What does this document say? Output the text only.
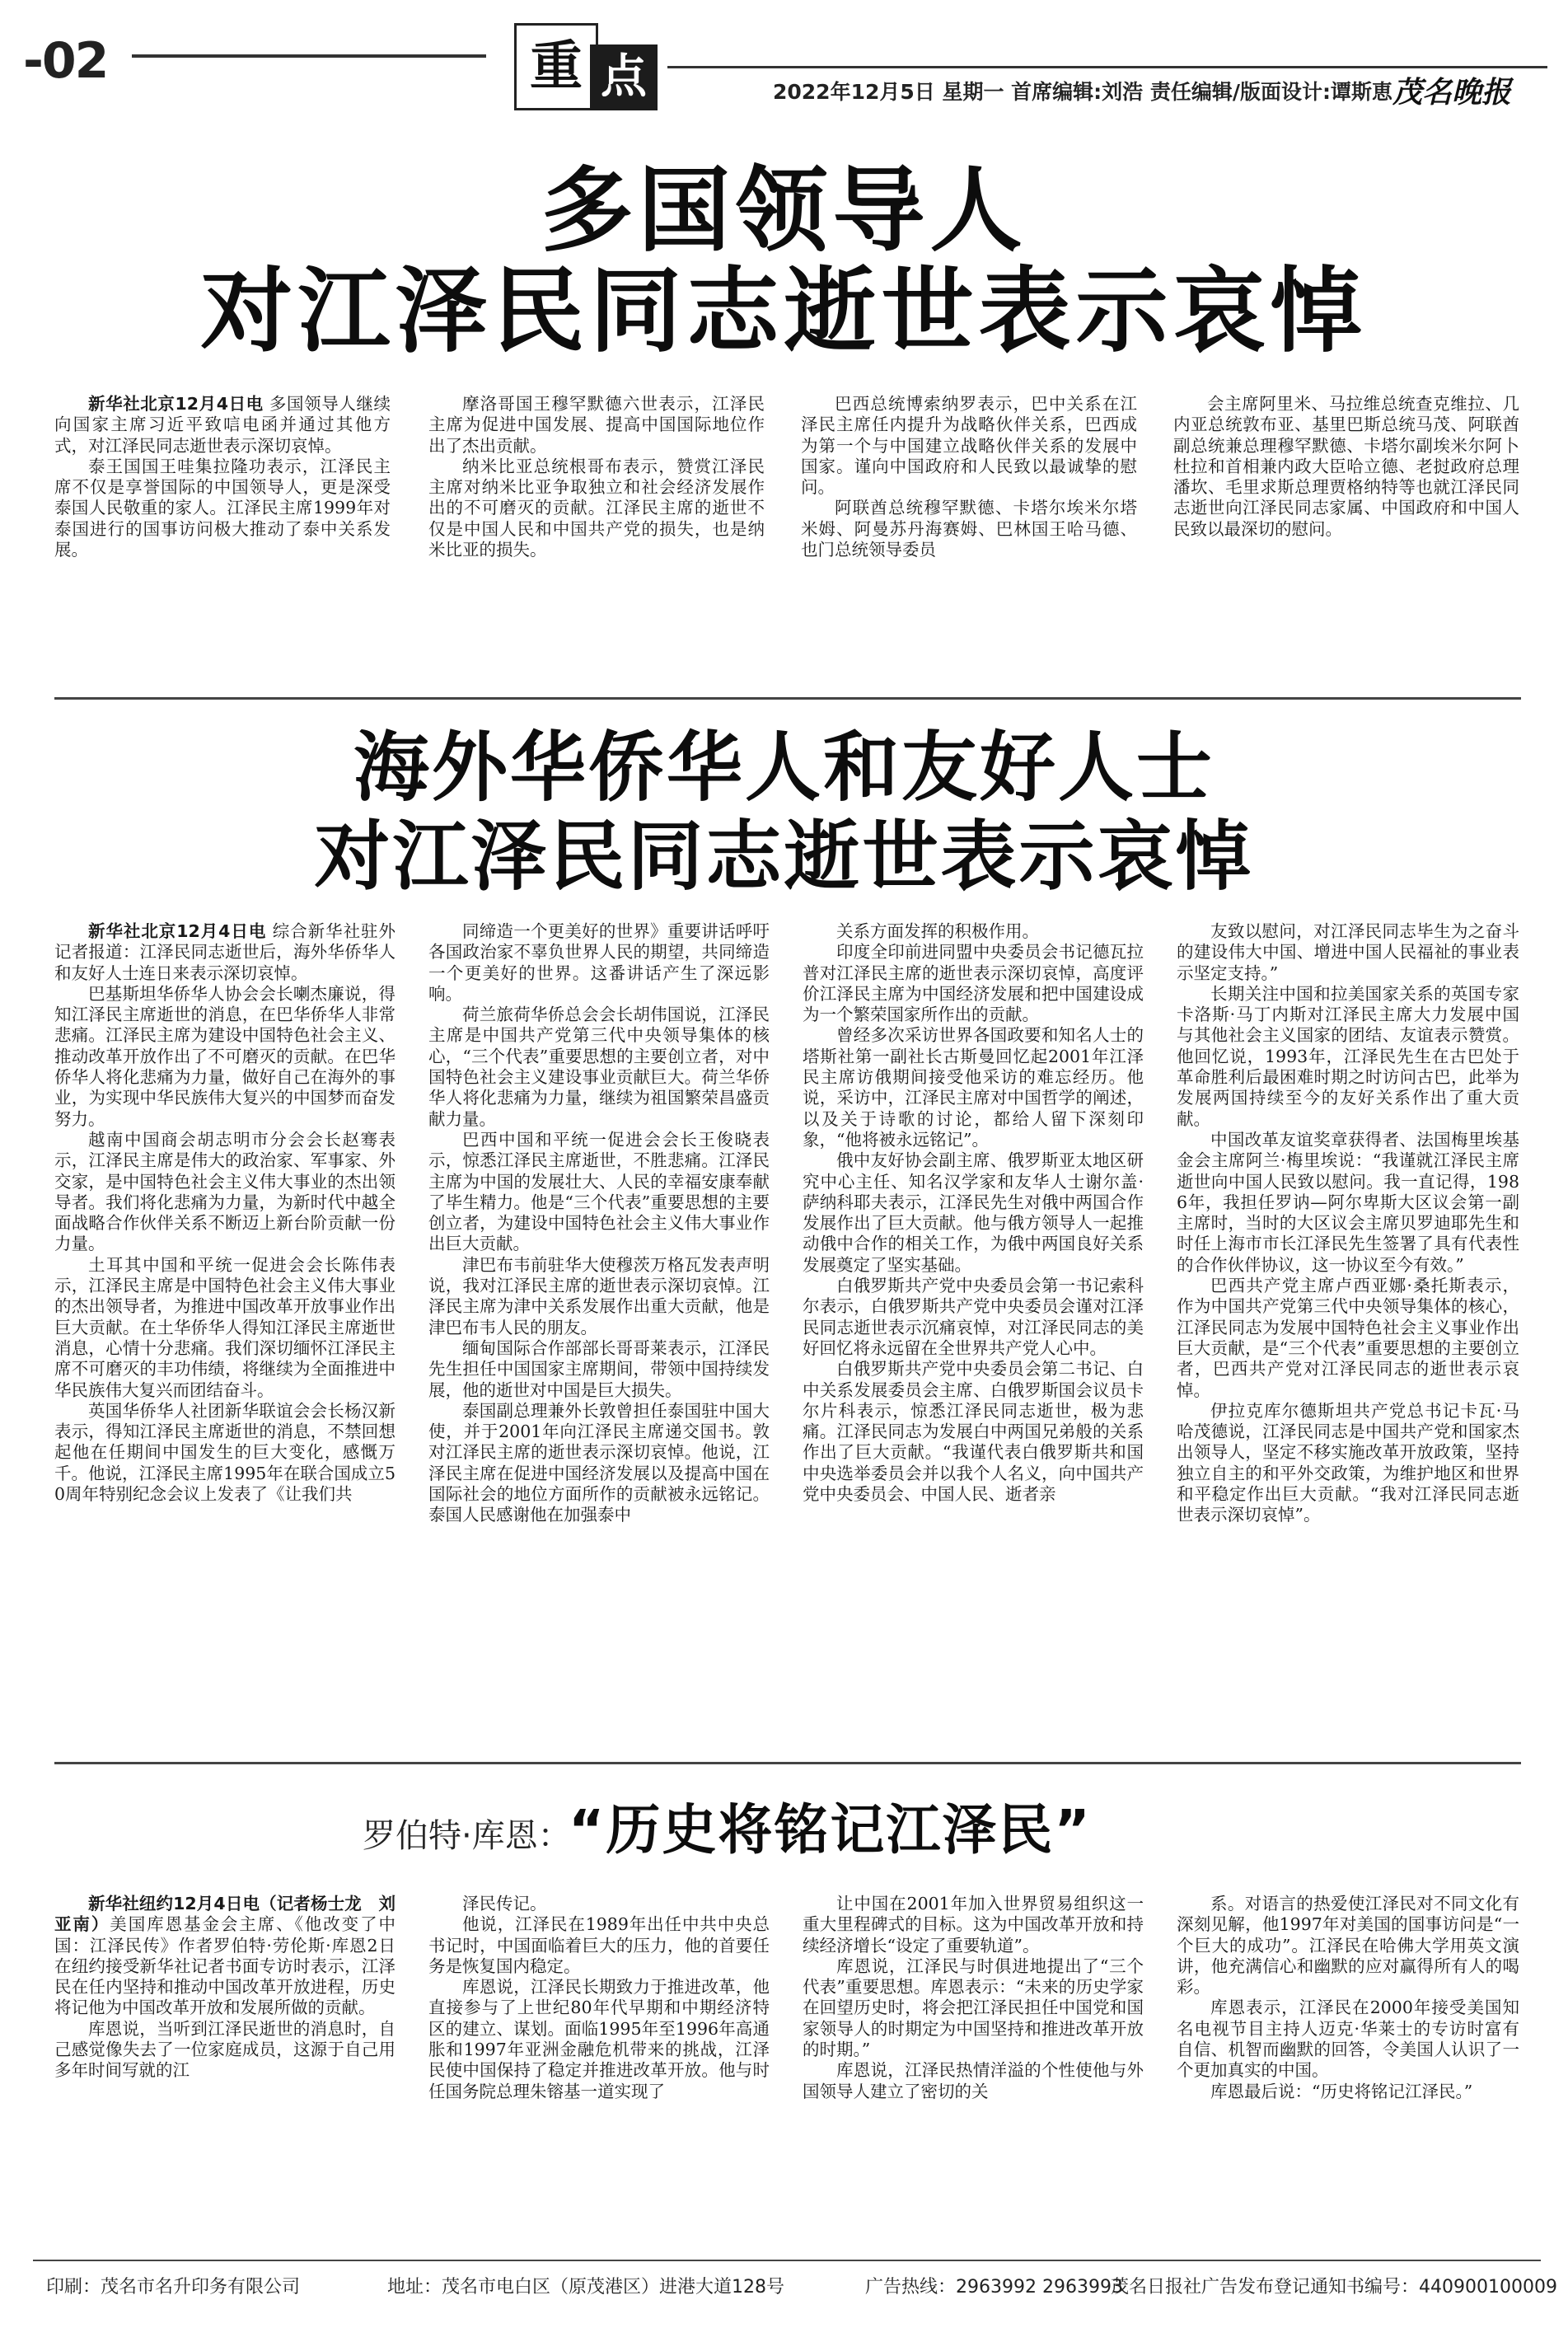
-02	重 点	2022年12月5日 星期一 首席编辑:刘浩 责任编辑/版面设计:谭斯恵 茂名晚报
多国领导人
对江泽民同志逝世表示哀悼

新华社北京12月4日电 多国领导人继续向国家主席习近平致唁电函并通过其他方式，对江泽民同志逝世表示深切哀悼。

泰王国国王哇集拉隆功表示，江泽民主席不仅是享誉国际的中国领导人，更是深受泰国人民敬重的家人。江泽民主席1999年对泰国进行的国事访问极大推动了泰中关系发展。

摩洛哥国王穆罕默德六世表示，江泽民主席为促进中国发展、提高中国国际地位作出了杰出贡献。

纳米比亚总统根哥布表示，赞赏江泽民主席对纳米比亚争取独立和社会经济发展作出的不可磨灭的贡献。江泽民主席的逝世不仅是中国人民和中国共产党的损失，也是纳米比亚的损失。

巴西总统博索纳罗表示，巴中关系在江泽民主席任内提升为战略伙伴关系，巴西成为第一个与中国建立战略伙伴关系的发展中国家。谨向中国政府和人民致以最诚挚的慰问。

阿联酋总统穆罕默德、卡塔尔埃米尔塔米姆、阿曼苏丹海赛姆、巴林国王哈马德、也门总统领导委员

会主席阿里米、马拉维总统查克维拉、几内亚总统敦布亚、基里巴斯总统马茂、阿联酋副总统兼总理穆罕默德、卡塔尔副埃米尔阿卜杜拉和首相兼内政大臣哈立德、老挝政府总理潘坎、毛里求斯总理贾格纳特等也就江泽民同志逝世向江泽民同志家属、中国政府和中国人民致以最深切的慰问。

海外华侨华人和友好人士
对江泽民同志逝世表示哀悼

新华社北京12月4日电 综合新华社驻外记者报道：江泽民同志逝世后，海外华侨华人和友好人士连日来表示深切哀悼。

巴基斯坦华侨华人协会会长喇杰廉说，得知江泽民主席逝世的消息，在巴华侨华人非常悲痛。江泽民主席为建设中国特色社会主义、推动改革开放作出了不可磨灭的贡献。在巴华侨华人将化悲痛为力量，做好自己在海外的事业，为实现中华民族伟大复兴的中国梦而奋发努力。

越南中国商会胡志明市分会会长赵骞表示，江泽民主席是伟大的政治家、军事家、外交家，是中国特色社会主义伟大事业的杰出领导者。我们将化悲痛为力量，为新时代中越全面战略合作伙伴关系不断迈上新台阶贡献一份力量。

土耳其中国和平统一促进会会长陈伟表示，江泽民主席是中国特色社会主义伟大事业的杰出领导者，为推进中国改革开放事业作出巨大贡献。在土华侨华人得知江泽民主席逝世消息，心情十分悲痛。我们深切缅怀江泽民主席不可磨灭的丰功伟绩，将继续为全面推进中华民族伟大复兴而团结奋斗。

英国华侨华人社团新华联谊会会长杨汉新表示，得知江泽民主席逝世的消息，不禁回想起他在任期间中国发生的巨大变化，感慨万千。他说，江泽民主席1995年在联合国成立50周年特别纪念会议上发表了《让我们共

同缔造一个更美好的世界》重要讲话呼吁各国政治家不辜负世界人民的期望，共同缔造一个更美好的世界。这番讲话产生了深远影响。

荷兰旅荷华侨总会会长胡伟国说，江泽民主席是中国共产党第三代中央领导集体的核心，“三个代表”重要思想的主要创立者，对中国特色社会主义建设事业贡献巨大。荷兰华侨华人将化悲痛为力量，继续为祖国繁荣昌盛贡献力量。

巴西中国和平统一促进会会长王俊晓表示，惊悉江泽民主席逝世，不胜悲痛。江泽民主席为中国的发展壮大、人民的幸福安康奉献了毕生精力。他是“三个代表”重要思想的主要创立者，为建设中国特色社会主义伟大事业作出巨大贡献。

津巴布韦前驻华大使穆茨万格瓦发表声明说，我对江泽民主席的逝世表示深切哀悼。江泽民主席为津中关系发展作出重大贡献，他是津巴布韦人民的朋友。

缅甸国际合作部部长哥哥莱表示，江泽民先生担任中国国家主席期间，带领中国持续发展，他的逝世对中国是巨大损失。

泰国副总理兼外长敦曾担任泰国驻中国大使，并于2001年向江泽民主席递交国书。敦对江泽民主席的逝世表示深切哀悼。他说，江泽民主席在促进中国经济发展以及提高中国在国际社会的地位方面所作的贡献被永远铭记。泰国人民感谢他在加强泰中

关系方面发挥的积极作用。

印度全印前进同盟中央委员会书记德瓦拉普对江泽民主席的逝世表示深切哀悼，高度评价江泽民主席为中国经济发展和把中国建设成为一个繁荣国家所作出的贡献。

曾经多次采访世界各国政要和知名人士的塔斯社第一副社长古斯曼回忆起2001年江泽民主席访俄期间接受他采访的难忘经历。他说，采访中，江泽民主席对中国哲学的阐述，以及关于诗歌的讨论，都给人留下深刻印象，“他将被永远铭记”。

俄中友好协会副主席、俄罗斯亚太地区研究中心主任、知名汉学家和友华人士谢尔盖·萨纳科耶夫表示，江泽民先生对俄中两国合作发展作出了巨大贡献。他与俄方领导人一起推动俄中合作的相关工作，为俄中两国良好关系发展奠定了坚实基础。

白俄罗斯共产党中央委员会第一书记索科尔表示，白俄罗斯共产党中央委员会谨对江泽民同志逝世表示沉痛哀悼，对江泽民同志的美好回忆将永远留在全世界共产党人心中。

白俄罗斯共产党中央委员会第二书记、白中关系发展委员会主席、白俄罗斯国会议员卡尔片科表示，惊悉江泽民同志逝世，极为悲痛。江泽民同志为发展白中两国兄弟般的关系作出了巨大贡献。“我谨代表白俄罗斯共和国中央选举委员会并以我个人名义，向中国共产党中央委员会、中国人民、逝者亲

友致以慰问，对江泽民同志毕生为之奋斗的建设伟大中国、增进中国人民福祉的事业表示坚定支持。”

长期关注中国和拉美国家关系的英国专家卡洛斯·马丁内斯对江泽民主席大力发展中国与其他社会主义国家的团结、友谊表示赞赏。他回忆说，1993年，江泽民先生在古巴处于革命胜利后最困难时期之时访问古巴，此举为发展两国持续至今的友好关系作出了重大贡献。

中国改革友谊奖章获得者、法国梅里埃基金会主席阿兰·梅里埃说：“我谨就江泽民主席逝世向中国人民致以慰问。我一直记得，1986年，我担任罗讷—阿尔卑斯大区议会第一副主席时，当时的大区议会主席贝罗迪耶先生和时任上海市市长江泽民先生签署了具有代表性的合作伙伴协议，这一协议至今有效。”

巴西共产党主席卢西亚娜·桑托斯表示，作为中国共产党第三代中央领导集体的核心，江泽民同志为发展中国特色社会主义事业作出巨大贡献，是“三个代表”重要思想的主要创立者，巴西共产党对江泽民同志的逝世表示哀悼。

伊拉克库尔德斯坦共产党总书记卡瓦·马哈茂德说，江泽民同志是中国共产党和国家杰出领导人，坚定不移实施改革开放政策，坚持独立自主的和平外交政策，为维护地区和世界和平稳定作出巨大贡献。“我对江泽民同志逝世表示深切哀悼”。

罗伯特·库恩：
“历史将铭记江泽民”

新华社纽约12月4日电（记者杨士龙　刘亚南）美国库恩基金会主席、《他改变了中国：江泽民传》作者罗伯特·劳伦斯·库恩2日在纽约接受新华社记者书面专访时表示，江泽民在任内坚持和推动中国改革开放进程，历史将记他为中国改革开放和发展所做的贡献。

库恩说，当听到江泽民逝世的消息时，自己感觉像失去了一位家庭成员，这源于自己用多年时间写就的江

泽民传记。

他说，江泽民在1989年出任中共中央总书记时，中国面临着巨大的压力，他的首要任务是恢复国内稳定。

库恩说，江泽民长期致力于推进改革，他直接参与了上世纪80年代早期和中期经济特区的建立、谋划。面临1995年至1996年高通胀和1997年亚洲金融危机带来的挑战，江泽民使中国保持了稳定并推进改革开放。他与时任国务院总理朱镕基一道实现了

让中国在2001年加入世界贸易组织这一重大里程碑式的目标。这为中国改革开放和持续经济增长“设定了重要轨道”。

库恩说，江泽民与时俱进地提出了“三个代表”重要思想。库恩表示：“未来的历史学家在回望历史时，将会把江泽民担任中国党和国家领导人的时期定为中国坚持和推进改革开放的时期。”

库恩说，江泽民热情洋溢的个性使他与外国领导人建立了密切的关

系。对语言的热爱使江泽民对不同文化有深刻见解，他1997年对美国的国事访问是“一个巨大的成功”。江泽民在哈佛大学用英文演讲，他充满信心和幽默的应对赢得所有人的喝彩。

库恩表示，江泽民在2000年接受美国知名电视节目主持人迈克·华莱士的专访时富有自信、机智而幽默的回答，令美国人认识了一个更加真实的中国。

库恩最后说：“历史将铭记江泽民。”

印刷：茂名市名升印务有限公司	地址：茂名市电白区（原茂港区）进港大道128号	广告热线：2963992 2963993
茂名日报社广告发布登记通知书编号：440900100009
